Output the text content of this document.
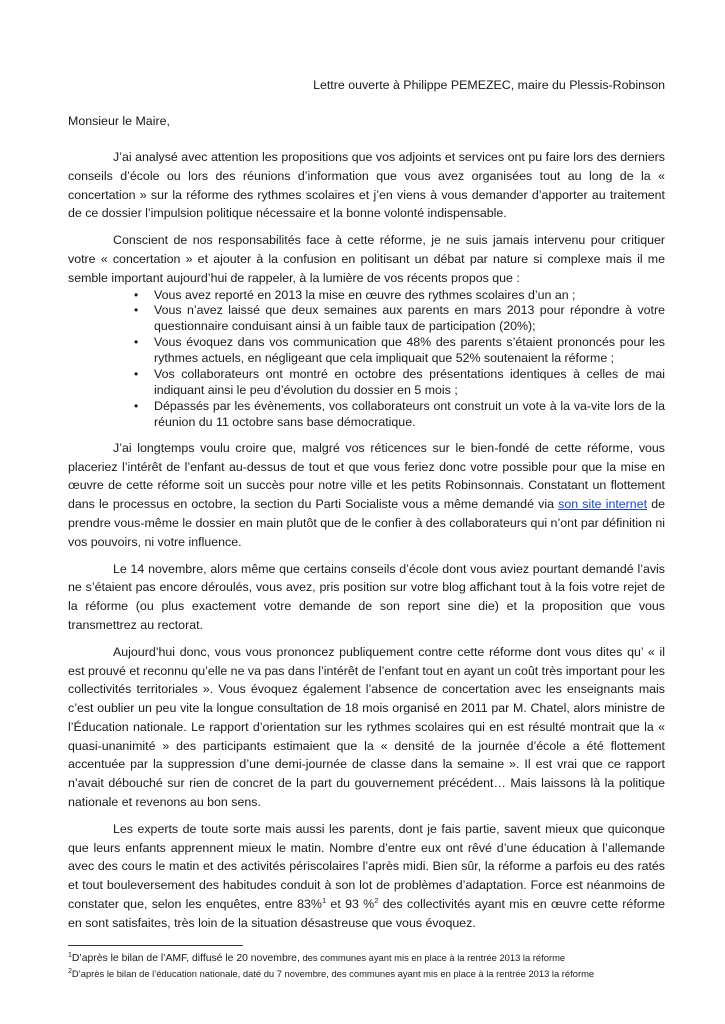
Lettre ouverte à Philippe PEMEZEC, maire du Plessis-Robinson
Monsieur le Maire,

J’ai analysé avec attention les propositions que vos adjoints et services ont pu faire lors des derniers conseils d’école ou lors des réunions d’information que vous avez organisées tout au long de la « concertation » sur la réforme des rythmes scolaires et j’en viens à vous demander d’apporter au traitement de ce dossier l’impulsion politique nécessaire et la bonne volonté indispensable.

Conscient de nos responsabilités face à cette réforme, je ne suis jamais intervenu pour critiquer votre « concertation » et ajouter à la confusion en politisant un débat par nature si complexe mais il me semble important aujourd’hui de rappeler, à la lumière de vos récents propos que :

• Vous avez reporté en 2013 la mise en œuvre des rythmes scolaires d’un an ;
• Vous n’avez laissé que deux semaines aux parents en mars 2013 pour répondre à votre questionnaire conduisant ainsi à un faible taux de participation (20%);
• Vous évoquez dans vos communication que 48% des parents s’étaient prononcés pour les rythmes actuels, en négligeant que cela impliquait que 52% soutenaient la réforme ;
• Vos collaborateurs ont montré en octobre des présentations identiques à celles de mai indiquant ainsi le peu d’évolution du dossier en 5 mois ;
• Dépassés par les évènements, vos collaborateurs ont construit un vote à la va-vite lors de la réunion du 11 octobre sans base démocratique.

J’ai longtemps voulu croire que, malgré vos réticences sur le bien-fondé de cette réforme, vous placeriez l’intérêt de l’enfant au-dessus de tout et que vous feriez donc votre possible pour que la mise en œuvre de cette réforme soit un succès pour notre ville et les petits Robinsonnais. Constatant un flottement dans le processus en octobre, la section du Parti Socialiste vous a même demandé via son site internet de prendre vous-même le dossier en main plutôt que de le confier à des collaborateurs qui n’ont par définition ni vos pouvoirs, ni votre influence.

Le 14 novembre, alors même que certains conseils d’école dont vous aviez pourtant demandé l’avis ne s’étaient pas encore déroulés, vous avez, pris position sur votre blog affichant tout à la fois votre rejet de la réforme (ou plus exactement votre demande de son report sine die) et la proposition que vous transmettrez au rectorat.

Aujourd’hui donc, vous vous prononcez publiquement contre cette réforme dont vous dites qu’ « il est prouvé et reconnu qu’elle ne va pas dans l’intérêt de l’enfant tout en ayant un coût très important pour les collectivités territoriales ». Vous évoquez également l’absence de concertation avec les enseignants mais c’est oublier un peu vite la longue consultation de 18 mois organisé en 2011 par M. Chatel, alors ministre de l’Éducation nationale. Le rapport d’orientation sur les rythmes scolaires qui en est résulté montrait que la « quasi-unanimité » des participants estimaient que la « densité de la journée d’école a été flottement accentuée par la suppression d’une demi-journée de classe dans la semaine ». Il est vrai que ce rapport n’avait débouché sur rien de concret de la part du gouvernement précédent… Mais laissons là la politique nationale et revenons au bon sens.

Les experts de toute sorte mais aussi les parents, dont je fais partie, savent mieux que quiconque que leurs enfants apprennent mieux le matin. Nombre d’entre eux ont rêvé d’une éducation à l’allemande avec des cours le matin et des activités périscolaires l’après midi. Bien sûr, la réforme a parfois eu des ratés et tout bouleversement des habitudes conduit à son lot de problèmes d’adaptation. Force est néanmoins de constater que, selon les enquêtes, entre 83%$^1$ et 93 %$^2$ des collectivités ayant mis en œuvre cette réforme en sont satisfaites, très loin de la situation désastreuse que vous évoquez.

$^1$D’après le bilan de l’AMF, diffusé le 20 novembre, des communes ayant mis en place à la rentrée 2013 la réforme
$^2$D’après le bilan de l’éducation nationale, daté du 7 novembre, des communes ayant mis en place à la rentrée 2013 la réforme
